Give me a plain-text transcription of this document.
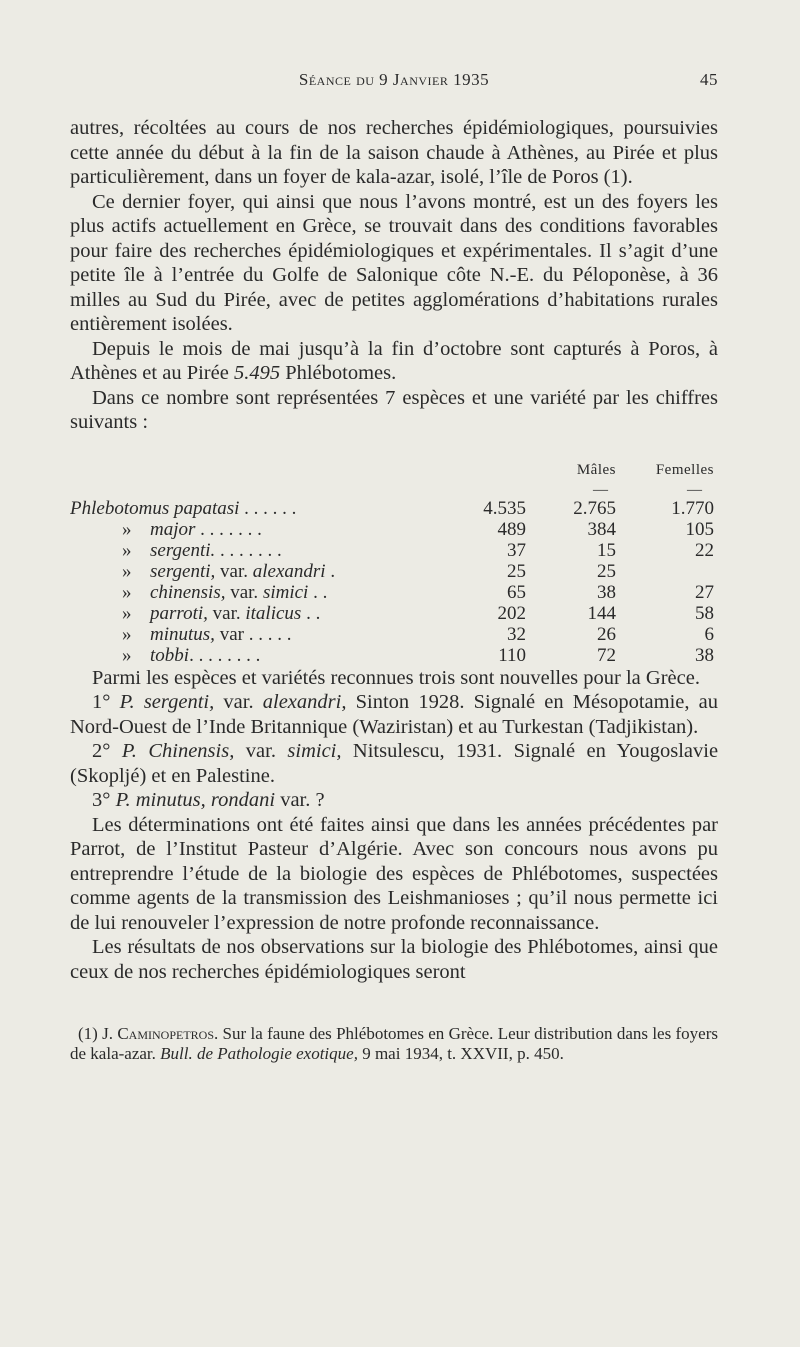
Séance du 9 Janvier 1935	45

autres, récoltées au cours de nos recherches épidémiologiques, poursuivies cette année du début à la fin de la saison chaude à Athènes, au Pirée et plus particulièrement, dans un foyer de kala-azar, isolé, l’île de Poros (1).

Ce dernier foyer, qui ainsi que nous l’avons montré, est un des foyers les plus actifs actuellement en Grèce, se trouvait dans des conditions favorables pour faire des recherches épidémiologiques et expérimentales. Il s’agit d’une petite île à l’entrée du Golfe de Salonique côte N.-E. du Péloponèse, à 36 milles au Sud du Pirée, avec de petites agglomérations d’habitations rurales entièrement isolées.

Depuis le mois de mai jusqu’à la fin d’octobre sont capturés à Poros, à Athènes et au Pirée 5.495 Phlébotomes.

Dans ce nombre sont représentées 7 espèces et une variété par les chiffres suivants :

Mâles	Femelles
—	—
Phlebotomus papatasi . . . . . .	4.535	2.765	1.770
» major . . . . . . .	489	384	105
» sergenti. . . . . . . .	37	15	22
» sergenti, var. alexandri .	25	25
» chinensis, var. simici . .	65	38	27
» parroti, var. italicus . .	202	144	58
» minutus, var . . . . .	32	26	6
» tobbi. . . . . . . .	110	72	38

Parmi les espèces et variétés reconnues trois sont nouvelles pour la Grèce.

1° P. sergenti, var. alexandri, Sinton 1928. Signalé en Mésopotamie, au Nord-Ouest de l’Inde Britannique (Waziristan) et au Turkestan (Tadjikistan).

2° P. Chinensis, var. simici, Nitsulescu, 1931. Signalé en Yougoslavie (Skopljé) et en Palestine.

3° P. minutus, rondani var. ?

Les déterminations ont été faites ainsi que dans les années précédentes par Parrot, de l’Institut Pasteur d’Algérie. Avec son concours nous avons pu entreprendre l’étude de la biologie des espèces de Phlébotomes, suspectées comme agents de la transmission des Leishmanioses ; qu’il nous permette ici de lui renouveler l’expression de notre profonde reconnaissance.

Les résultats de nos observations sur la biologie des Phlébotomes, ainsi que ceux de nos recherches épidémiologiques seront

(1) J. Caminopetros. Sur la faune des Phlébotomes en Grèce. Leur distribution dans les foyers de kala-azar. Bull. de Pathologie exotique, 9 mai 1934, t. XXVII, p. 450.
